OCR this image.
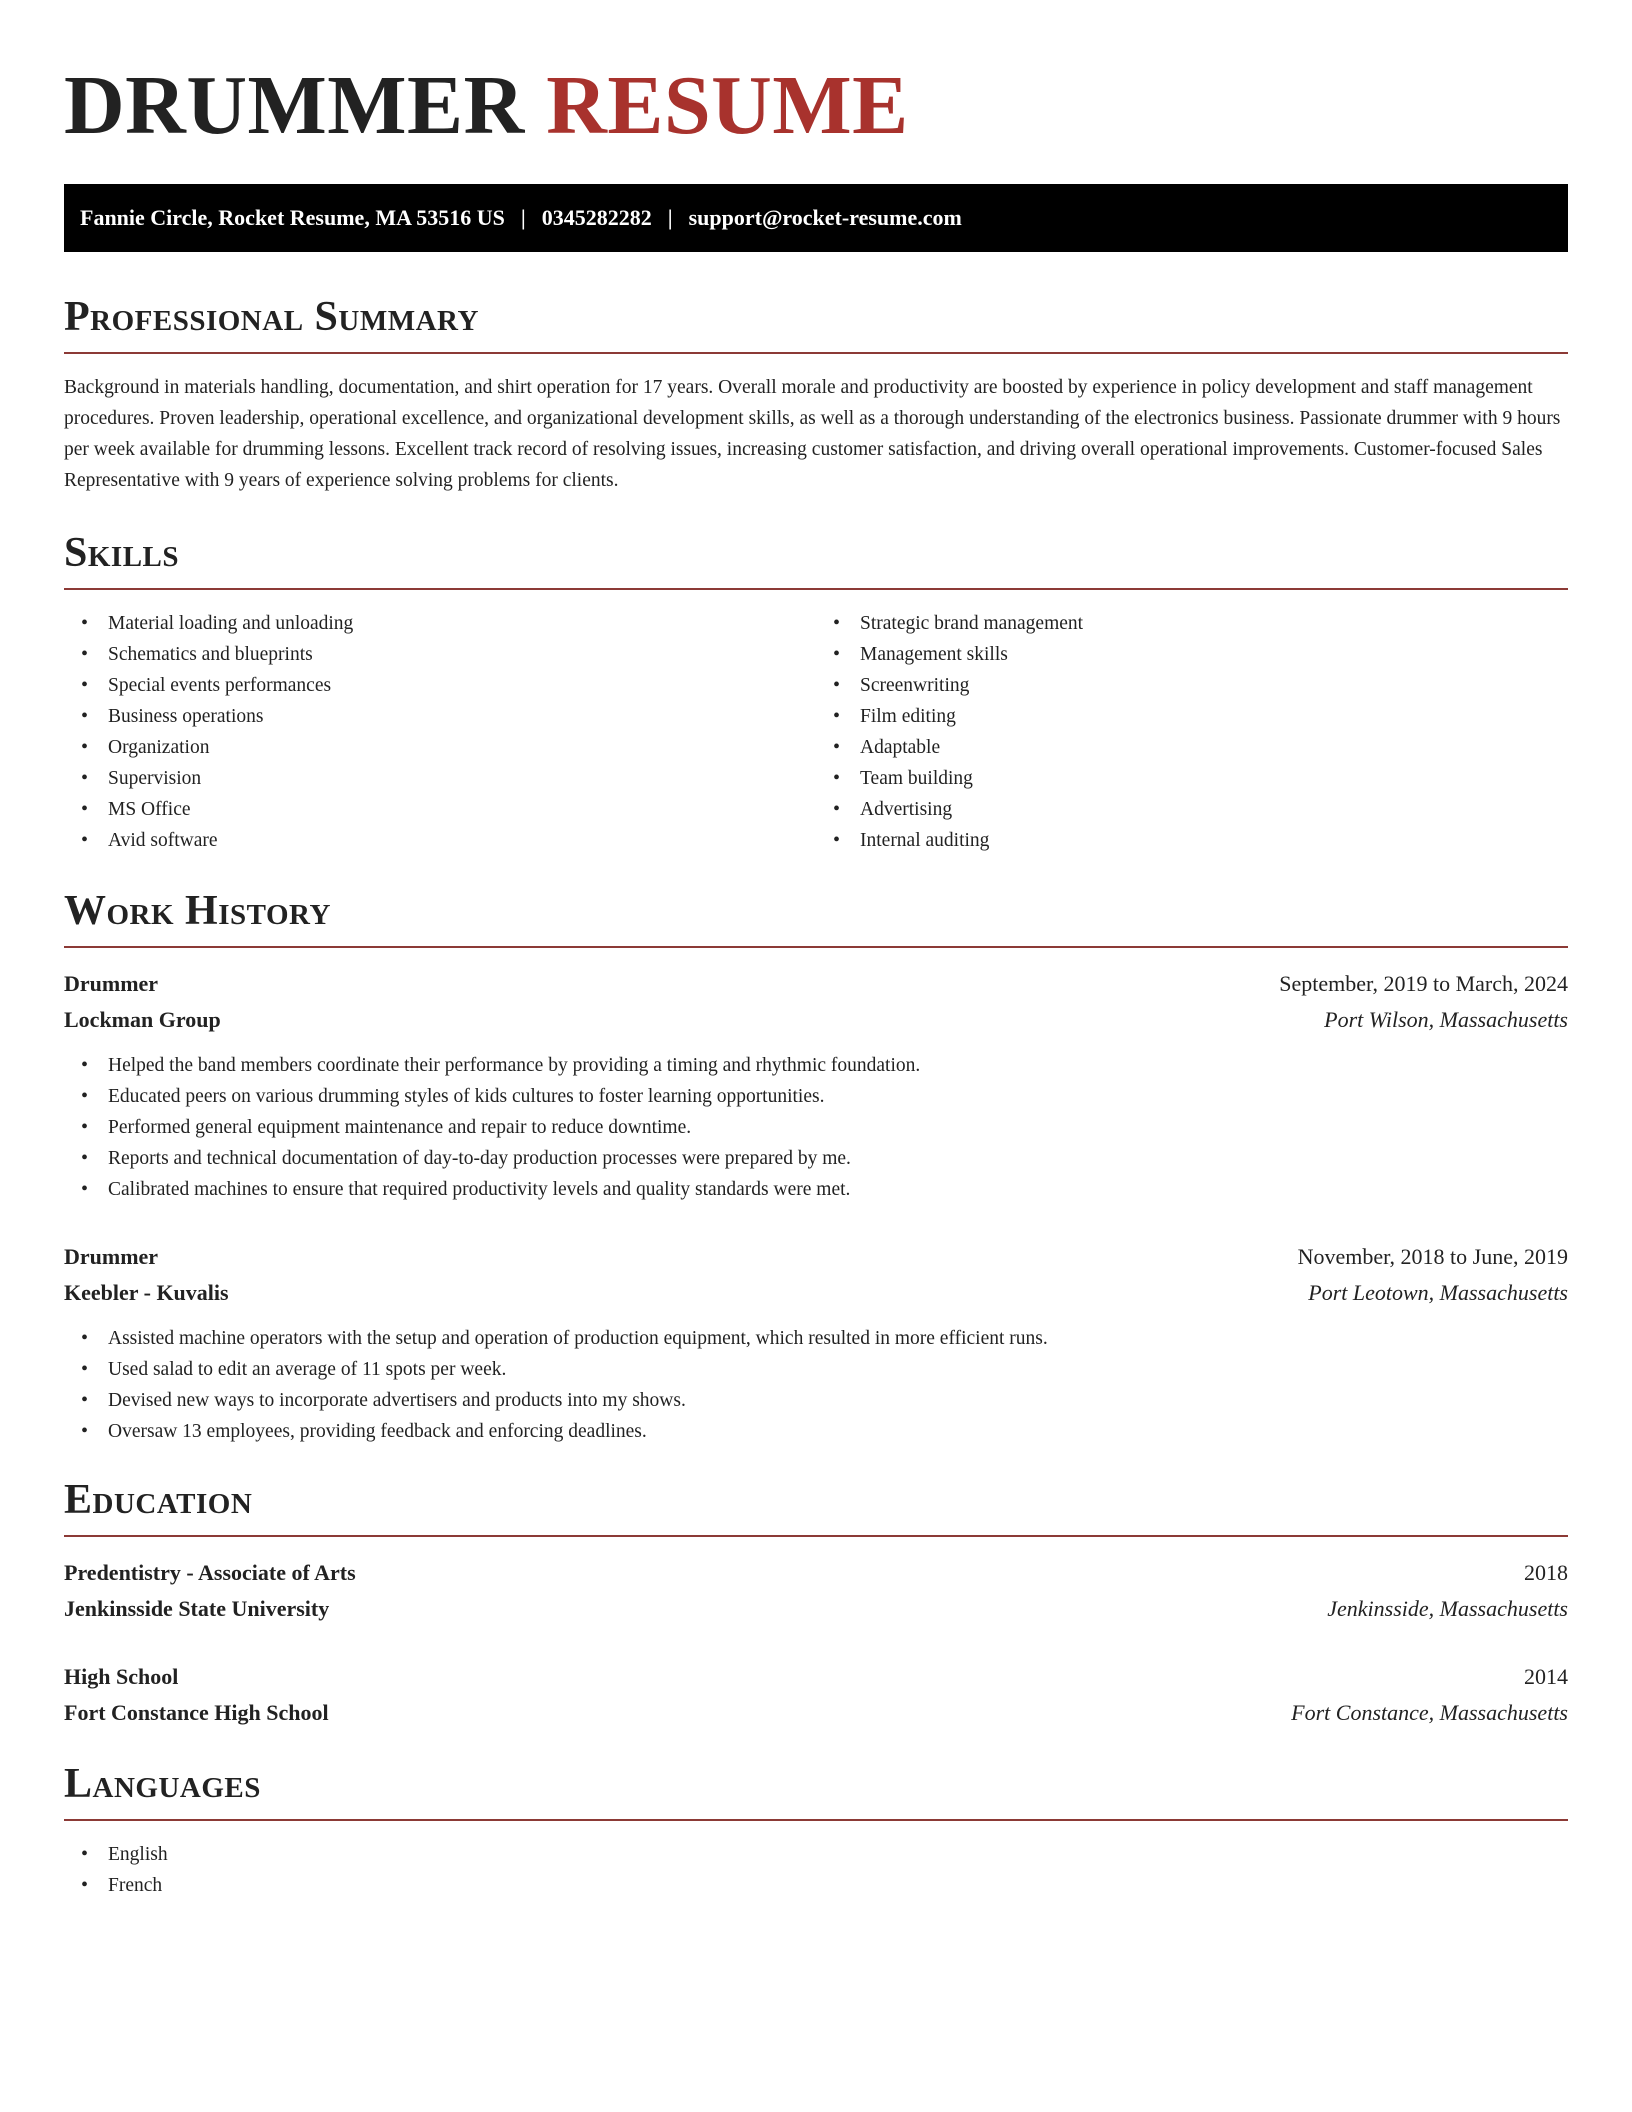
DRUMMER RESUME
Fannie Circle, Rocket Resume, MA 53516 US | 0345282282 | support@rocket-resume.com
Professional Summary

Background in materials handling, documentation, and shirt operation for 17 years. Overall morale and productivity are boosted by experience in policy development and staff management procedures. Proven leadership, operational excellence, and organizational development skills, as well as a thorough understanding of the electronics business. Passionate drummer with 9 hours per week available for drumming lessons. Excellent track record of resolving issues, increasing customer satisfaction, and driving overall operational improvements. Customer-focused Sales Representative with 9 years of experience solving problems for clients.

Skills
• Material loading and unloading
• Schematics and blueprints
• Special events performances
• Business operations
• Organization
• Supervision
• MS Office
• Avid software
• Strategic brand management
• Management skills
• Screenwriting
• Film editing
• Adaptable
• Team building
• Advertising
• Internal auditing
Work History
Drummer	September, 2019 to March, 2024
Lockman Group	Port Wilson, Massachusetts
• Helped the band members coordinate their performance by providing a timing and rhythmic foundation.
• Educated peers on various drumming styles of kids cultures to foster learning opportunities.
• Performed general equipment maintenance and repair to reduce downtime.
• Reports and technical documentation of day-to-day production processes were prepared by me.
• Calibrated machines to ensure that required productivity levels and quality standards were met.
Drummer	November, 2018 to June, 2019
Keebler - Kuvalis	Port Leotown, Massachusetts
• Assisted machine operators with the setup and operation of production equipment, which resulted in more efficient runs.
• Used salad to edit an average of 11 spots per week.
• Devised new ways to incorporate advertisers and products into my shows.
• Oversaw 13 employees, providing feedback and enforcing deadlines.
Education
Predentistry - Associate of Arts	2018
Jenkinsside State University	Jenkinsside, Massachusetts
High School	2014
Fort Constance High School	Fort Constance, Massachusetts
Languages
• English
• French
